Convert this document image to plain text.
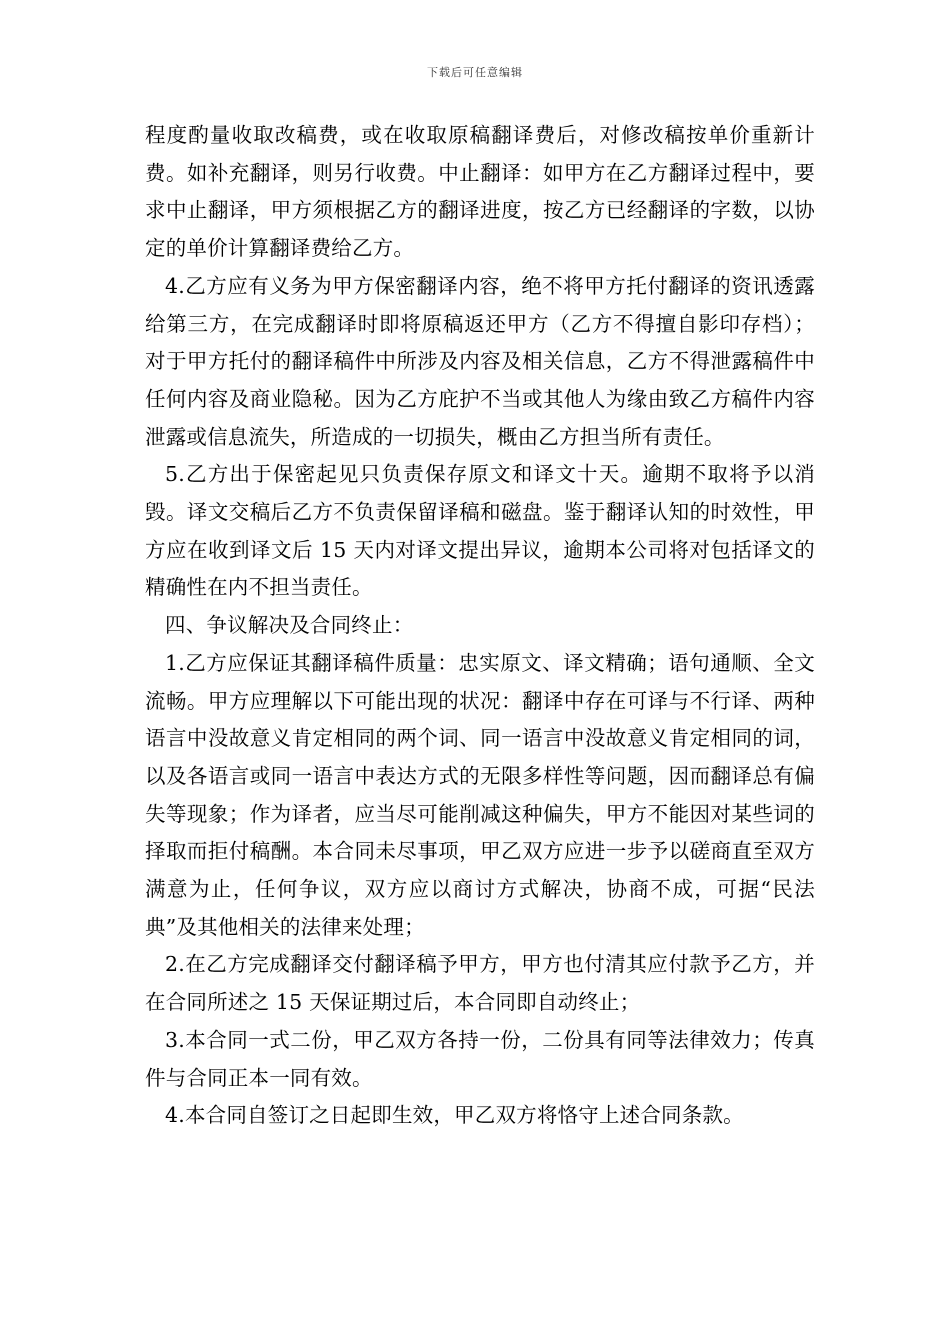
下载后可任意编辑

程度酌量收取改稿费，或在收取原稿翻译费后，对修改稿按单价重新计费。如补充翻译，则另行收费。中止翻译：如甲方在乙方翻译过程中，要求中止翻译，甲方须根据乙方的翻译进度，按乙方已经翻译的字数，以协定的单价计算翻译费给乙方。

4.乙方应有义务为甲方保密翻译内容，绝不将甲方托付翻译的资讯透露给第三方，在完成翻译时即将原稿返还甲方（乙方不得擅自影印存档）；对于甲方托付的翻译稿件中所涉及内容及相关信息，乙方不得泄露稿件中任何内容及商业隐秘。因为乙方庇护不当或其他人为缘由致乙方稿件内容泄露或信息流失，所造成的一切损失，概由乙方担当所有责任。

5.乙方出于保密起见只负责保存原文和译文十天。逾期不取将予以消毁。译文交稿后乙方不负责保留译稿和磁盘。鉴于翻译认知的时效性，甲方应在收到译文后 15 天内对译文提出异议，逾期本公司将对包括译文的精确性在内不担当责任。

四、争议解决及合同终止：

1.乙方应保证其翻译稿件质量：忠实原文、译文精确；语句通顺、全文流畅。甲方应理解以下可能出现的状况：翻译中存在可译与不行译、两种语言中没故意义肯定相同的两个词、同一语言中没故意义肯定相同的词，以及各语言或同一语言中表达方式的无限多样性等问题，因而翻译总有偏失等现象；作为译者，应当尽可能削减这种偏失，甲方不能因对某些词的择取而拒付稿酬。本合同未尽事项，甲乙双方应进一步予以磋商直至双方满意为止，任何争议，双方应以商讨方式解决，协商不成，可据“民法典”及其他相关的法律来处理；

2.在乙方完成翻译交付翻译稿予甲方，甲方也付清其应付款予乙方，并在合同所述之 15 天保证期过后，本合同即自动终止；

3.本合同一式二份，甲乙双方各持一份，二份具有同等法律效力；传真件与合同正本一同有效。

4.本合同自签订之日起即生效，甲乙双方将恪守上述合同条款。
